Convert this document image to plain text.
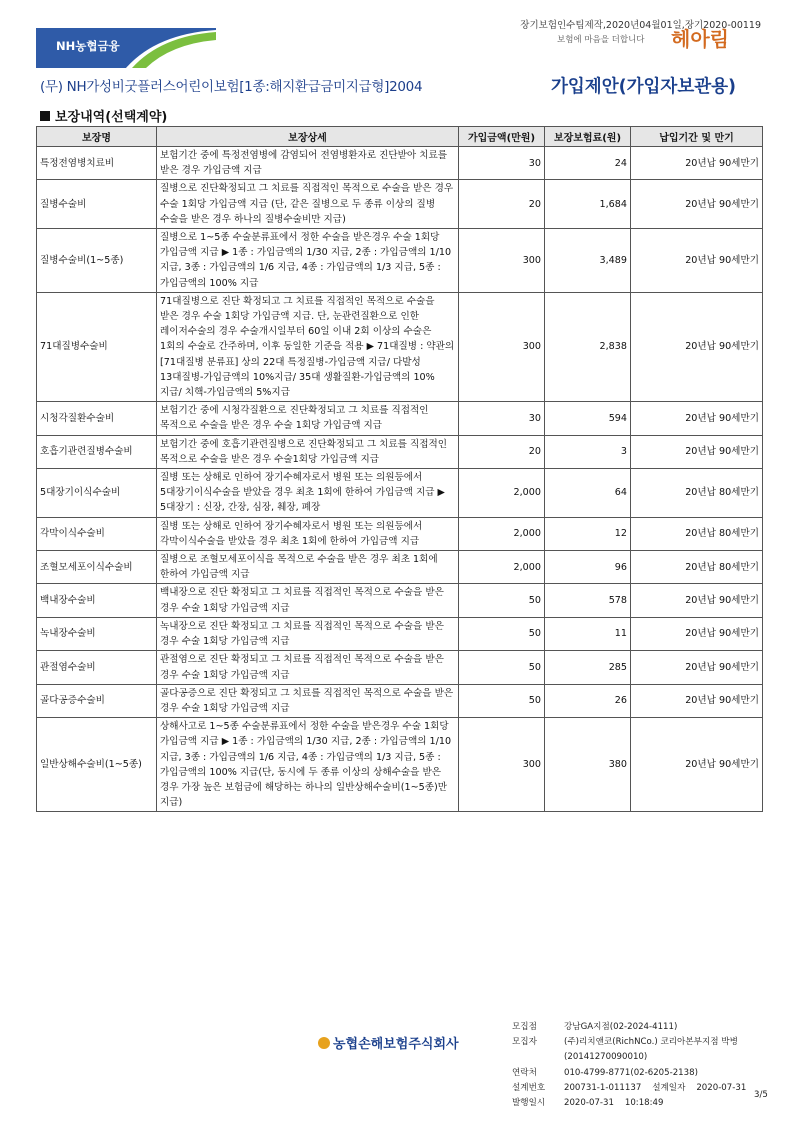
장기보험인수팀제작,2020년04월01일,장기2020-00119
NH농협금융	보험에 마음을 더합니다 헤아림
(무) NH가성비굿플러스어린이보험[1종:해지환급금미지급형]2004	가입제안(가입자보관용)
보장내역(선택계약)
보장명	보장상세	가입금액(만원)	보장보험료(원)	납입기간 및 만기
특정전염병치료비	보험기간 중에 특정전염병에 감염되어 전염병환자로 진단받아 치료를 받은 경우 가입금액 지급	30	24	20년납 90세만기
질병수술비	질병으로 진단확정되고 그 치료를 직접적인 목적으로 수술을 받은 경우 수술 1회당 가입금액 지급 (단, 같은 질병으로 두 종류 이상의 질병 수술을 받은 경우 하나의 질병수술비만 지급)	20	1,684	20년납 90세만기
질병수술비(1~5종)	질병으로 1~5종 수술분류표에서 정한 수술을 받은경우 수술 1회당 가입금액 지급 ▶ 1종 : 가입금액의 1/30 지급, 2종 : 가입금액의 1/10 지급, 3종 : 가입금액의 1/6 지급, 4종 : 가입금액의 1/3 지급, 5종 : 가입금액의 100% 지급	300	3,489	20년납 90세만기
71대질병수술비	71대질병으로 진단 확정되고 그 치료를 직접적인 목적으로 수술을 받은 경우 수술 1회당 가입금액 지급. 단, 눈관련질환으로 인한 레이저수술의 경우 수술개시일부터 60일 이내 2회 이상의 수술은 1회의 수술로 간주하며, 이후 동일한 기준을 적용 ▶ 71대질병 : 약관의 [71대질병 분류표] 상의 22대 특정질병-가입금액 지급/ 다발성 13대질병-가입금액의 10%지급/ 35대 생활질환-가입금액의 10%지급/ 치핵-가입금액의 5%지급	300	2,838	20년납 90세만기
시청각질환수술비	보험기간 중에 시청각질환으로 진단확정되고 그 치료를 직접적인 목적으로 수술을 받은 경우 수술 1회당 가입금액 지급	30	594	20년납 90세만기
호흡기관련질병수술비	보험기간 중에 호흡기관련질병으로 진단확정되고 그 치료를 직접적인 목적으로 수술을 받은 경우 수술1회당 가입금액 지급	20	3	20년납 90세만기
5대장기이식수술비	질병 또는 상해로 인하여 장기수혜자로서 병원 또는 의원등에서 5대장기이식수술을 받았을 경우 최초 1회에 한하여 가입금액 지급 ▶ 5대장기 : 신장, 간장, 심장, 췌장, 폐장	2,000	64	20년납 80세만기
각막이식수술비	질병 또는 상해로 인하여 장기수혜자로서 병원 또는 의원등에서 각막이식수술을 받았을 경우 최초 1회에 한하여 가입금액 지급	2,000	12	20년납 80세만기
조혈모세포이식수술비	질병으로 조혈모세포이식을 목적으로 수술을 받은 경우 최초 1회에 한하여 가입금액 지급	2,000	96	20년납 80세만기
백내장수술비	백내장으로 진단 확정되고 그 치료를 직접적인 목적으로 수술을 받은 경우 수술 1회당 가입금액 지급	50	578	20년납 90세만기
녹내장수술비	녹내장으로 진단 확정되고 그 치료를 직접적인 목적으로 수술을 받은 경우 수술 1회당 가입금액 지급	50	11	20년납 90세만기
관절염수술비	관절염으로 진단 확정되고 그 치료를 직접적인 목적으로 수술을 받은 경우 수술 1회당 가입금액 지급	50	285	20년납 90세만기
골다공증수술비	골다공증으로 진단 확정되고 그 치료를 직접적인 목적으로 수술을 받은 경우 수술 1회당 가입금액 지급	50	26	20년납 90세만기
일반상해수술비(1~5종)	상해사고로 1~5종 수술분류표에서 정한 수술을 받은경우 수술 1회당 가입금액 지급 ▶ 1종 : 가입금액의 1/30 지급, 2종 : 가입금액의 1/10 지급, 3종 : 가입금액의 1/6 지급, 4종 : 가입금액의 1/3 지급, 5종 : 가입금액의 100% 지급(단, 동시에 두 종류 이상의 상해수술을 받은 경우 가장 높은 보험금에 해당하는 하나의 일반상해수술비(1~5종)만 지급)	300	380	20년납 90세만기
농협손해보험주식회사
모집점	강남GA지점(02-2024-4111)
모집자	(주)리치앤코(RichNCo.) 코리아본부지점 박병
(20141270090010)
연락처	010-4799-8771(02-6205-2138)
설계번호 200731-1-011137    설계일자    2020-07-31
발행일시 2020-07-31    10:18:49
3/5
